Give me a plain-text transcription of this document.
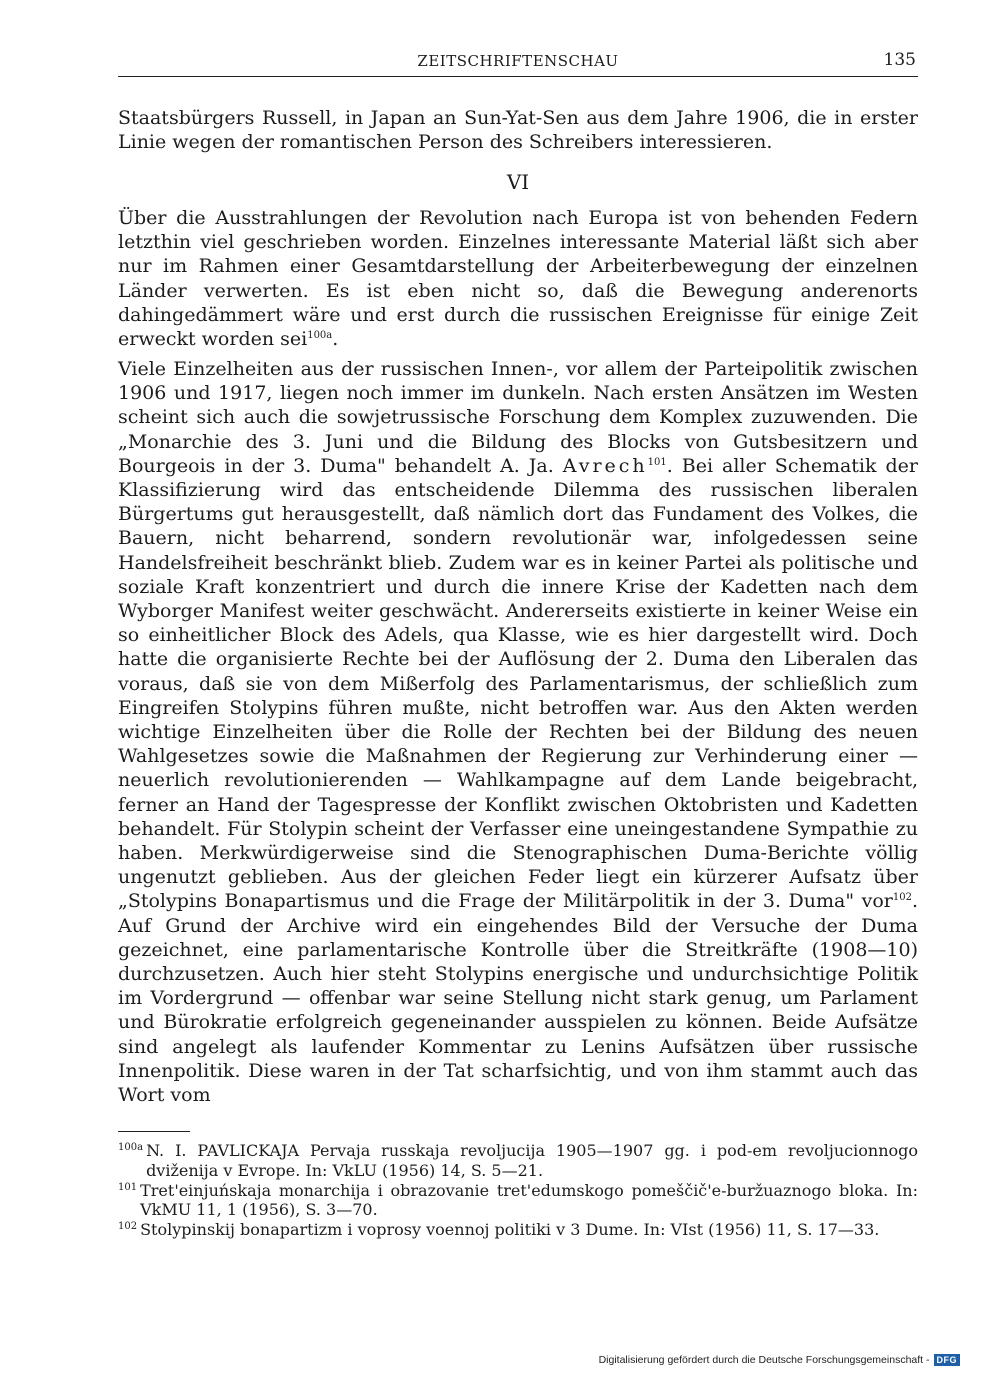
ZEITSCHRIFTENSCHAU	135

Staatsbürgers Russell, in Japan an Sun-Yat-Sen aus dem Jahre 1906, die in erster Linie wegen der romantischen Person des Schreibers interessieren.

VI

Über die Ausstrahlungen der Revolution nach Europa ist von behenden Federn letzthin viel geschrieben worden. Einzelnes interessante Material läßt sich aber nur im Rahmen einer Gesamtdarstellung der Arbeiterbewegung der einzelnen Länder verwerten. Es ist eben nicht so, daß die Bewegung anderenorts dahingedämmert wäre und erst durch die russischen Ereignisse für einige Zeit erweckt worden sei$^{100a}$.

Viele Einzelheiten aus der russischen Innen-, vor allem der Parteipolitik zwischen 1906 und 1917, liegen noch immer im dunkeln. Nach ersten Ansätzen im Westen scheint sich auch die sowjetrussische Forschung dem Komplex zuzuwenden. Die „Monarchie des 3. Juni und die Bildung des Blocks von Gutsbesitzern und Bourgeois in der 3. Duma" behandelt A. Ja. Avrech$^{101}$. Bei aller Schematik der Klassifizierung wird das entscheidende Dilemma des russischen liberalen Bürgertums gut herausgestellt, daß nämlich dort das Fundament des Volkes, die Bauern, nicht beharrend, sondern revolutionär war, infolgedessen seine Handelsfreiheit beschränkt blieb. Zudem war es in keiner Partei als politische und soziale Kraft konzentriert und durch die innere Krise der Kadetten nach dem Wyborger Manifest weiter geschwächt. Andererseits existierte in keiner Weise ein so einheitlicher Block des Adels, qua Klasse, wie es hier dargestellt wird. Doch hatte die organisierte Rechte bei der Auflösung der 2. Duma den Liberalen das voraus, daß sie von dem Mißerfolg des Parlamentarismus, der schließlich zum Eingreifen Stolypins führen mußte, nicht betroffen war. Aus den Akten werden wichtige Einzelheiten über die Rolle der Rechten bei der Bildung des neuen Wahlgesetzes sowie die Maßnahmen der Regierung zur Verhinderung einer — neuerlich revolutionierenden — Wahlkampagne auf dem Lande beigebracht, ferner an Hand der Tagespresse der Konflikt zwischen Oktobristen und Kadetten behandelt. Für Stolypin scheint der Verfasser eine uneingestandene Sympathie zu haben. Merkwürdigerweise sind die Stenographischen Duma-Berichte völlig ungenutzt geblieben. Aus der gleichen Feder liegt ein kürzerer Aufsatz über „Stolypins Bonapartismus und die Frage der Militärpolitik in der 3. Duma" vor$^{102}$. Auf Grund der Archive wird ein eingehendes Bild der Versuche der Duma gezeichnet, eine parlamentarische Kontrolle über die Streitkräfte (1908—10) durchzusetzen. Auch hier steht Stolypins energische und undurchsichtige Politik im Vordergrund — offenbar war seine Stellung nicht stark genug, um Parlament und Bürokratie erfolgreich gegeneinander ausspielen zu können. Beide Aufsätze sind angelegt als laufender Kommentar zu Lenins Aufsätzen über russische Innenpolitik. Diese waren in der Tat scharfsichtig, und von ihm stammt auch das Wort vom

100a N. I. PAVLICKAJA Pervaja russkaja revoljucija 1905—1907 gg. i pod-em revoljucionnogo dviženija v Evrope. In: VkLU (1956) 14, S. 5—21.
101 Tret'einjuńskaja monarchija i obrazovanie tret'edumskogo pomeščič'e-buržuaznogo bloka. In: VkMU 11, 1 (1956), S. 3—70.
102 Stolypinskij bonapartizm i voprosy voennoj politiki v 3 Dume. In: VIst (1956) 11, S. 17—33.
Digitalisierung gefördert durch die Deutsche Forschungsgemeinschaft - DFG
